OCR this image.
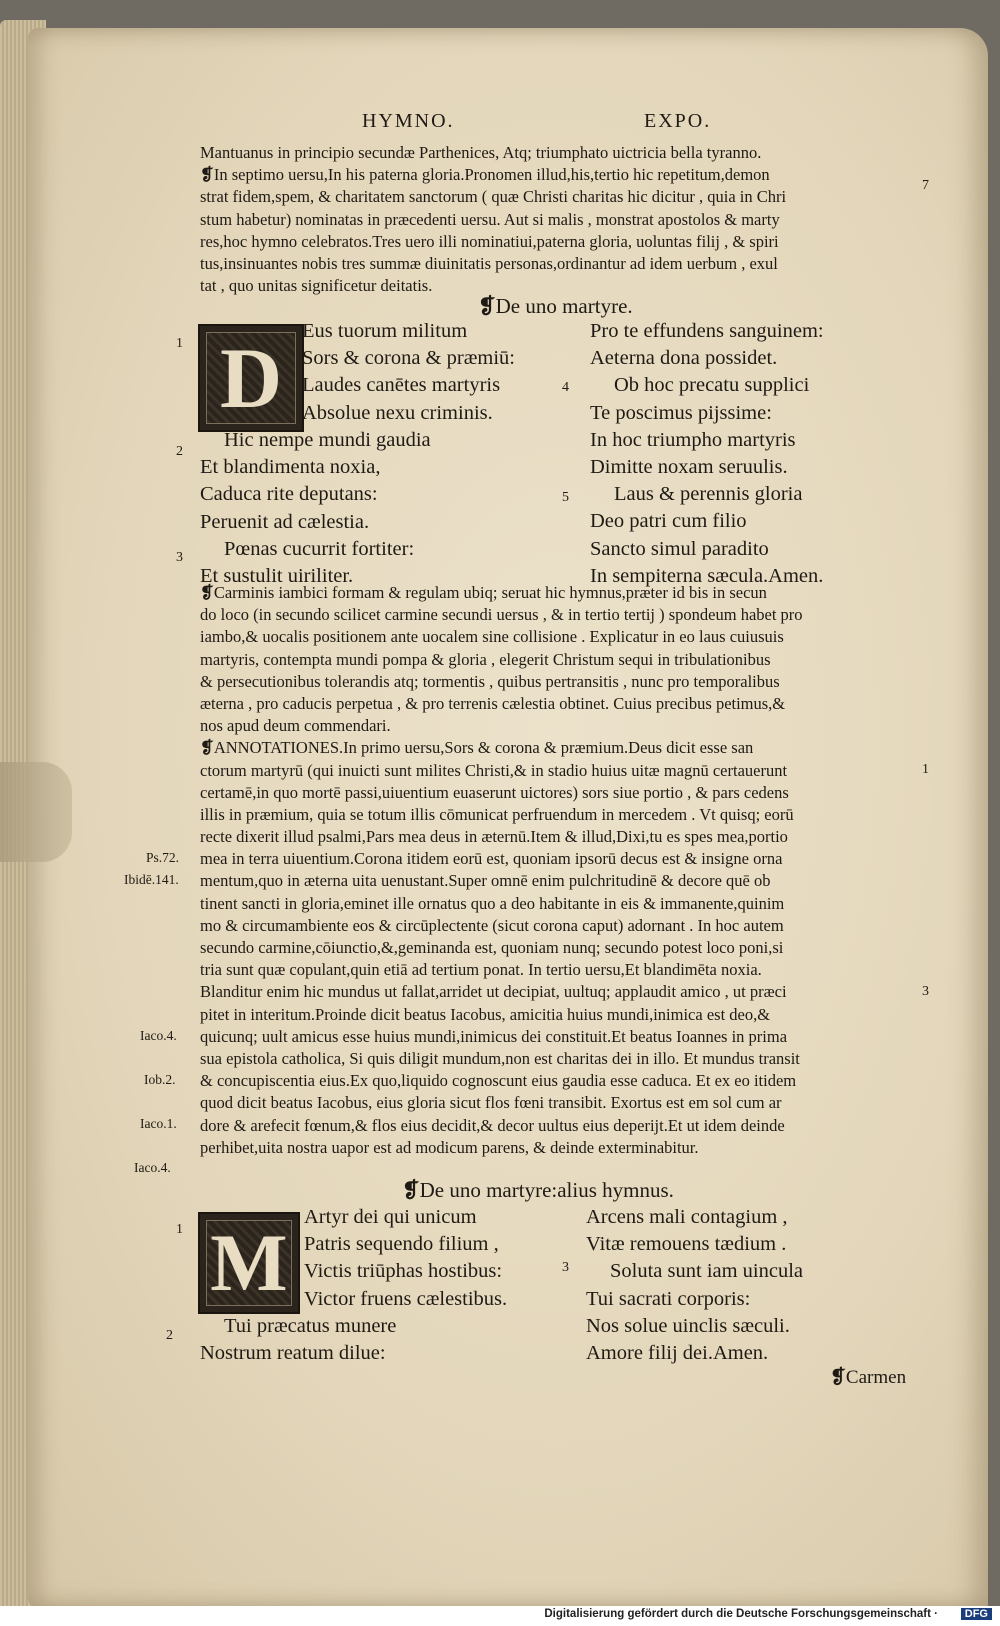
HYMNO.	EXPO.
Mantuanus in principio secundæ Parthenices, Atq; triumphato uictricia bella tyranno.
❡In septimo uersu,In his paterna gloria.Pronomen illud,his,tertio hic repetitum,demon
strat fidem,spem, & charitatem sanctorum ( quæ Christi charitas hic dicitur , quia in Chri
stum habetur) nominatas in præcedenti uersu. Aut si malis , monstrat apostolos & marty
res,hoc hymno celebratos.Tres uero illi nominatiui,paterna gloria, uoluntas filij , & spiri
tus,insinuantes nobis tres summæ diuinitatis personas,ordinantur ad idem uerbum , exul
tat , quo unitas significetur deitatis.
7
❡De uno martyre.
D Eus tuorum militum
Sors & corona & præmiū:
Laudes canētes martyris
Absolue nexu criminis.
Hic nempe mundi gaudia
Et blandimenta noxia,
Caduca rite deputans:
Peruenit ad cælestia.
Pœnas cucurrit fortiter:
Et sustulit uiriliter.
Pro te effundens sanguinem:
Aeterna dona possidet.
Ob hoc precatu supplici
Te poscimus pijssime:
In hoc triumpho martyris
Dimitte noxam seruulis.
Laus & perennis gloria
Deo patri cum filio
Sancto simul paradito
In sempiterna sæcula.Amen.
1
2
3
4
5
❡Carminis iambici formam & regulam ubiq; seruat hic hymnus,præter id bis in secun
do loco (in secundo scilicet carmine secundi uersus , & in tertio tertij ) spondeum habet pro
iambo,& uocalis positionem ante uocalem sine collisione . Explicatur in eo laus cuiusuis
martyris, contempta mundi pompa & gloria , elegerit Christum sequi in tribulationibus
& persecutionibus tolerandis atq; tormentis , quibus pertransitis , nunc pro temporalibus
æterna , pro caducis perpetua , & pro terrenis cælestia obtinet. Cuius precibus petimus,&
nos apud deum commendari.
❡ANNOTATIONES.In primo uersu,Sors & corona & præmium.Deus dicit esse san
ctorum martyrū (qui inuicti sunt milites Christi,& in stadio huius uitæ magnū certauerunt
certamē,in quo mortē passi,uiuentium euaserunt uictores) sors siue portio , & pars cedens
illis in præmium, quia se totum illis cōmunicat perfruendum in mercedem . Vt quisq; eorū
recte dixerit illud psalmi,Pars mea deus in æternū.Item & illud,Dixi,tu es spes mea,portio
mea in terra uiuentium.Corona itidem eorū est, quoniam ipsorū decus est & insigne orna
mentum,quo in æterna uita uenustant.Super omnē enim pulchritudinē & decore quē ob
tinent sancti in gloria,eminet ille ornatus quo a deo habitante in eis & immanente,quinim
mo & circumambiente eos & circūplectente (sicut corona caput) adornant . In hoc autem
secundo carmine,cōiunctio,&,geminanda est, quoniam nunq; secundo potest loco poni,si
tria sunt quæ copulant,quin etiā ad tertium ponat. In tertio uersu,Et blandimēta noxia.
Blanditur enim hic mundus ut fallat,arridet ut decipiat, uultuq; applaudit amico , ut præci
pitet in interitum.Proinde dicit beatus Iacobus, amicitia huius mundi,inimica est deo,&
quicunq; uult amicus esse huius mundi,inimicus dei constituit.Et beatus Ioannes in prima
sua epistola catholica, Si quis diligit mundum,non est charitas dei in illo. Et mundus transit
& concupiscentia eius.Ex quo,liquido cognoscunt eius gaudia esse caduca. Et ex eo itidem
quod dicit beatus Iacobus, eius gloria sicut flos fœni transibit. Exortus est em sol cum ar
dore & arefecit fœnum,& flos eius decidit,& decor uultus eius deperijt.Et ut idem deinde
perhibet,uita nostra uapor est ad modicum parens, & deinde exterminabitur.
Ps.72.
Ibidē.141.
Iaco.4.
Iob.2.
Iaco.1.
Iaco.4.
1
3
❡De uno martyre:alius hymnus.
M Artyr dei qui unicum
Patris sequendo filium ,
Victis triūphas hostibus:
Victor fruens cælestibus.
Tui præcatus munere
Nostrum reatum dilue:
Arcens mali contagium ,
Vitæ remouens tædium .
Soluta sunt iam uincula
Tui sacrati corporis:
Nos solue uinclis sæculi.
Amore filij dei.Amen.
1
2
3
❡Carmen
Digitalisierung gefördert durch die Deutsche Forschungsgemeinschaft ·	DFG
